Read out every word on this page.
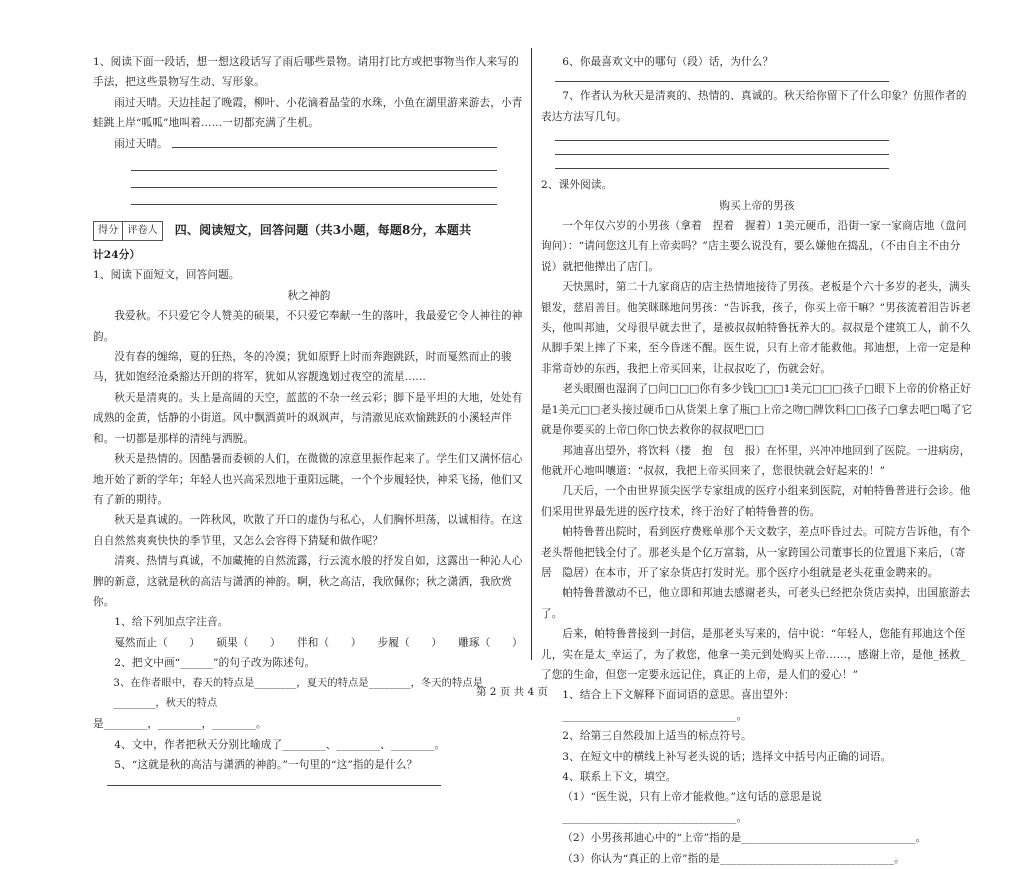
1、阅读下面一段话，想一想这段话写了雨后哪些景物。请用打比方或把事物当作人来写的手法，把这些景物写生动、写形象。

雨过天晴。天边挂起了晚霞，柳叶、小花滴着晶莹的水珠，小鱼在湖里游来游去，小青蛙跳上岸“呱呱”地叫着……一切都充满了生机。

雨过天晴。

得分 评卷人	四、阅读短文，回答问题（共3小题，每题8分，本题共

计24分）

1、阅读下面短文，回答问题。

秋之神韵

我爱秋。不只爱它令人赞美的硕果，不只爱它奉献一生的落叶，我最爱它令人神往的神韵。

没有春的缠绵，夏的狂热，冬的冷漠；犹如原野上时而奔跑跳跃，时而戛然而止的骏马，犹如饱经沧桑豁达开朗的将军，犹如从容靓逸划过夜空的流星……

秋天是清爽的。头上是高阔的天空，蓝蓝的不杂一丝云彩；脚下是平坦的大地，处处有成熟的金黄，恬静的小街道。风中飘酒黄叶的飒飒声，与清澈见底欢愉跳跃的小溪轻声伴和。一切都是那样的清纯与洒脱。

秋天是热情的。因酷暑而委顿的人们，在微微的凉意里振作起来了。学生们又满怀信心地开始了新的学年；年轻人也兴高采烈地于重阳远眺，一个个步履轻快，神采飞扬，他们又有了新的期待。

秋天是真诚的。一阵秋风，吹散了开口的虚伪与私心，人们胸怀坦荡，以诚相待。在这自自然然爽爽快快的季节里，又怎么会容得下猜疑和做作呢？

清爽、热情与真诚，不加藏掩的自然流露，行云流水般的抒发自如，这露出一种沁人心脾的新意，这就是秋的高洁与潇洒的神韵。啊，秋之高洁，我欣佩你；秋之潇洒，我欣赏你。

1、给下列加点字注音。

戛然而止（　　）　　硕果（　　）　　伴和（　　）　　步履（　　）　　雕琢（　　）

2、把文中画“______”的句子改为陈述句。

3、在作者眼中，春天的特点是________，夏天的特点是________，冬天的特点是________，秋天的特点

是________，________，________。

4、文中，作者把秋天分别比喻成了________、________、________。

5、“这就是秋的高洁与潇洒的神韵。”一句里的“这”指的是什么？

6、你最喜欢文中的哪句（段）话，为什么？

7、作者认为秋天是清爽的、热情的、真诚的。秋天给你留下了什么印象？仿照作者的表达方法写几句。

2、课外阅读。

购买上帝的男孩

一个年仅六岁的小男孩（拿着　捏着　握着）1美元硬币，沿街一家一家商店地（盘问　询问）：“请问您这儿有上帝卖吗？”店主要么说没有，要么嫌他在捣乱，（不由自主不由分说）就把他撵出了店门。

天快黑时，第二十九家商店的店主热情地接待了男孩。老板是个六十多岁的老头，满头银发，慈眉善目。他笑眯眯地问男孩：“告诉我，孩子，你买上帝干嘛？”男孩流着泪告诉老头，他叫邦迪，父母很早就去世了，是被叔叔帕特鲁抚养大的。叔叔是个建筑工人，前不久从脚手架上摔了下来，至今昏迷不醒。医生说，只有上帝才能救他。邦迪想，上帝一定是种非常奇妙的东西，我把上帝买回来，让叔叔吃了，伤就会好。

老头眼圈也湿润了□问□□□你有多少钱□□□1美元□□□孩子□眼下上帝的价格正好是1美元□□老头接过硬币□从货架上拿了瓶□上帝之吻□牌饮料□□孩子□拿去吧□喝了它就是你要买的上帝□你□快去救你的叔叔吧□□

邦迪喜出望外，将饮料（搂　抱　包　报）在怀里，兴冲冲地回到了医院。一进病房，他就开心地叫嚷道：“叔叔，我把上帝买回来了，您很快就会好起来的！”

几天后，一个由世界顶尖医学专家组成的医疗小组来到医院，对帕特鲁普进行会诊。他们采用世界最先进的医疗技术，终于治好了帕特鲁普的伤。

帕特鲁普出院时，看到医疗费账单那个天文数字，差点吓昏过去。可院方告诉他，有个老头帮他把钱全付了。那老头是个亿万富翁，从一家跨国公司董事长的位置退下来后，（寄居　隐居）在本市，开了家杂货店打发时光。那个医疗小组就是老头花重金聘来的。

帕特鲁普激动不已，他立即和邦迪去感谢老头，可老头已经把杂货店卖掉，出国旅游去了。

后来，帕特鲁普接到一封信，是那老头写来的，信中说：“年轻人，您能有邦迪这个侄儿，实在是太_幸运了，为了救您，他拿一美元到处购买上帝……，感谢上帝，是他_拯救_了您的生命，但您一定要永远记住，真正的上帝，是人们的爱心！”

1、结合上下文解释下面词语的意思。喜出望外：________________________________。

2、给第三自然段加上适当的标点符号。

3、在短文中的横线上补写老头说的话；选择文中括号内正确的词语。

4、联系上下文，填空。

（1）“医生说，只有上帝才能救他。”这句话的意思是说________________________________。

（2）小男孩邦迪心中的“上帝”指的是________________________________。

（3）你认为“真正的上帝”指的是________________________________。

第 2 页 共 4 页
